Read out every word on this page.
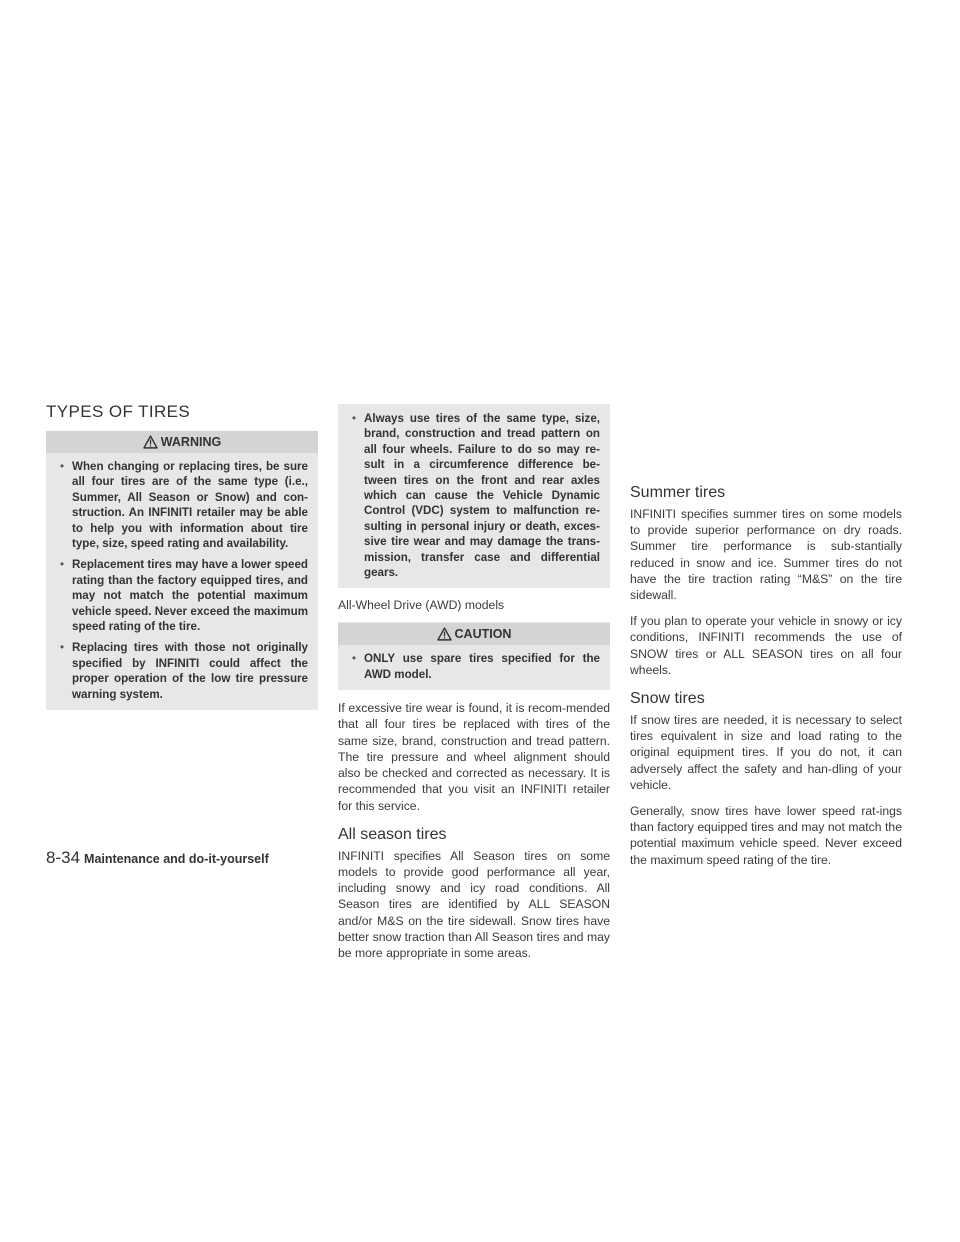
TYPES OF TIRES
WARNING

• When changing or replacing tires, be sure all four tires are of the same type (i.e., Summer, All Season or Snow) and con-struction. An INFINITI retailer may be able to help you with information about tire type, size, speed rating and availability.

• Replacement tires may have a lower speed rating than the factory equipped tires, and may not match the potential maximum vehicle speed. Never exceed the maximum speed rating of the tire.

• Replacing tires with those not originally specified by INFINITI could affect the proper operation of the low tire pressure warning system.

• Always use tires of the same type, size, brand, construction and tread pattern on all four wheels. Failure to do so may re-sult in a circumference difference be-tween tires on the front and rear axles which can cause the Vehicle Dynamic Control (VDC) system to malfunction re-sulting in personal injury or death, exces-sive tire wear and may damage the trans-mission, transfer case and differential gears.

All-Wheel Drive (AWD) models

CAUTION

• ONLY use spare tires specified for the AWD model.

If excessive tire wear is found, it is recom-mended that all four tires be replaced with tires of the same size, brand, construction and tread pattern. The tire pressure and wheel alignment should also be checked and corrected as necessary. It is recommended that you visit an INFINITI retailer for this service.

All season tires

INFINITI specifies All Season tires on some models to provide good performance all year, including snowy and icy road conditions. All Season tires are identified by ALL SEASON and/or M&S on the tire sidewall. Snow tires have better snow traction than All Season tires and may be more appropriate in some areas.

Summer tires

INFINITI specifies summer tires on some models to provide superior performance on dry roads. Summer tire performance is sub-stantially reduced in snow and ice. Summer tires do not have the tire traction rating “M&S” on the tire sidewall.

If you plan to operate your vehicle in snowy or icy conditions, INFINITI recommends the use of SNOW tires or ALL SEASON tires on all four wheels.

Snow tires

If snow tires are needed, it is necessary to select tires equivalent in size and load rating to the original equipment tires. If you do not, it can adversely affect the safety and han-dling of your vehicle.

Generally, snow tires have lower speed rat-ings than factory equipped tires and may not match the potential maximum vehicle speed. Never exceed the maximum speed rating of the tire.

8-34 Maintenance and do-it-yourself
